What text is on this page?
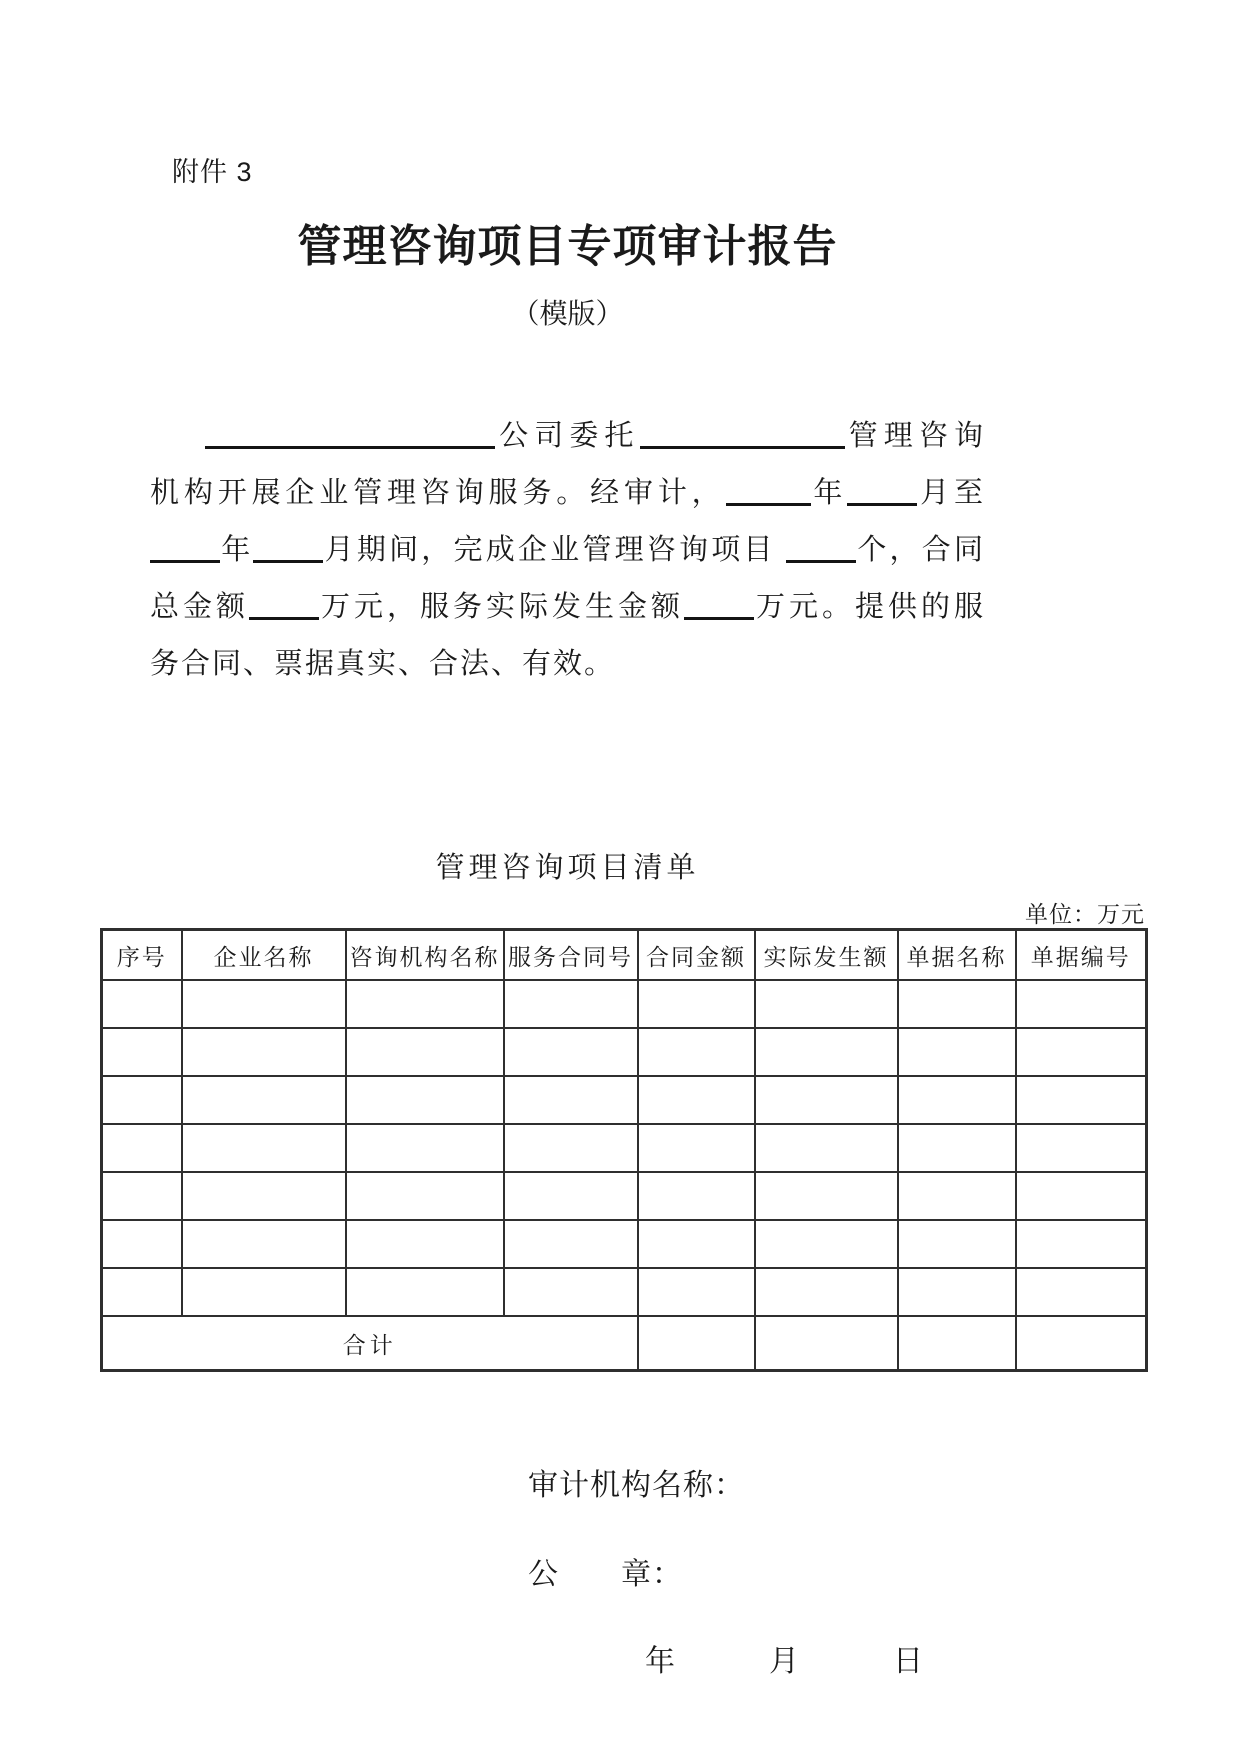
附件 3
管理咨询项目专项审计报告
（模版）
公司委托	管理咨询
机构开展企业管理咨询服务。经审计，	年 月至
年 月期间，完成企业管理咨询项目 个，合同
总金额 万元，服务实际发生金额 万元。提供的服
务合同、票据真实、合法、有效。
管理咨询项目清单
单位：万元
序号	企业名称	咨询机构名称	服务合同号	合同金额	实际发生额	单据名称	单据编号

合计							
审计机构名称：
公　　章：
年　　　月　　　日
